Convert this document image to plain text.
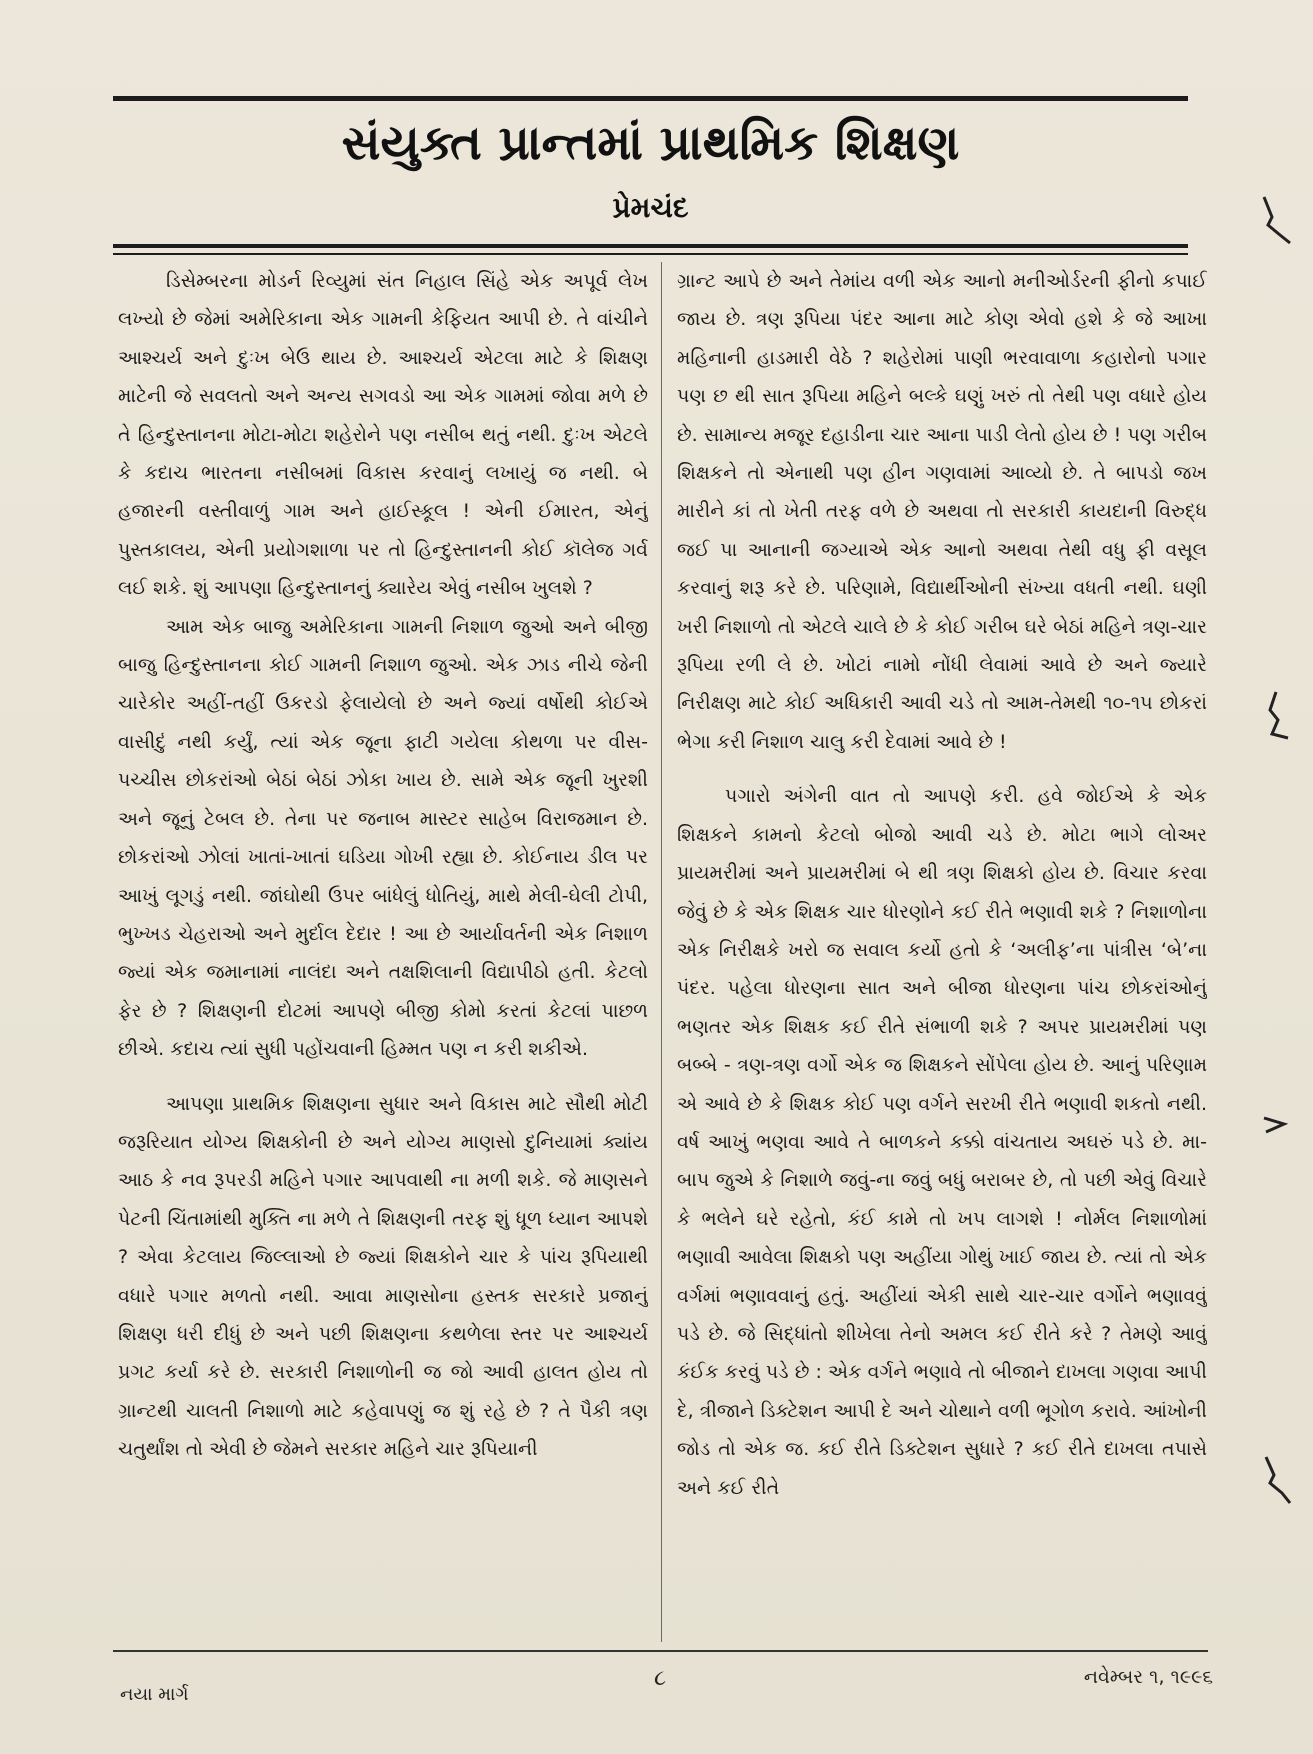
સંયુક્ત પ્રાન્તમાં પ્રાથમિક શિક્ષણ
પ્રેમચંદ

ડિસેમ્બરના મોડર્ન રિવ્યુમાં સંત નિહાલ સિંહે એક અપૂર્વ લેખ લખ્યો છે જેમાં અમેરિકાના એક ગામની કેફિયત આપી છે. તે વાંચીને આશ્ચર્ય અને દુઃખ બેઉ થાય છે. આશ્ચર્ય એટલા માટે કે શિક્ષણ માટેની જે સવલતો અને અન્ય સગવડો આ એક ગામમાં જોવા મળે છે તે હિન્દુસ્તાનના મોટા-મોટા શહેરોને પણ નસીબ થતું નથી. દુઃખ એટલે કે કદાચ ભારતના નસીબમાં વિકાસ કરવાનું લખાયું જ નથી. બે હજારની વસ્તીવાળું ગામ અને હાઈસ્કૂલ ! એની ઈમારત, એનું પુસ્તકાલય, એની પ્રયોગશાળા પર તો હિન્દુસ્તાનની કોઈ કૉલેજ ગર્વ લઈ શકે. શું આપણા હિન્દુસ્તાનનું ક્યારેય એવું નસીબ ખુલશે ?

આમ એક બાજુ અમેરિકાના ગામની નિશાળ જુઓ અને બીજી બાજુ હિન્દુસ્તાનના કોઈ ગામની નિશાળ જુઓ. એક ઝાડ નીચે જેની ચારેકોર અહીં-તહીં ઉકરડો ફેલાયેલો છે અને જ્યાં વર્ષોથી કોઈએ વાસીદું નથી કર્યું, ત્યાં એક જૂના ફાટી ગયેલા કોથળા પર વીસ-પચ્ચીસ છોકરાંઓ બેઠાં બેઠાં ઝોકા ખાય છે. સામે એક જૂની ખુરશી અને જૂનું ટેબલ છે. તેના પર જનાબ માસ્ટર સાહેબ વિરાજમાન છે. છોકરાંઓ ઝોલાં ખાતાં-ખાતાં ઘડિયા ગોખી રહ્યા છે. કોઈનાય ડીલ પર આખું લૂગડું નથી. જાંઘોથી ઉપર બાંધેલું ધોતિયું, માથે મેલી-ઘેલી ટોપી, ભુખ્ખડ ચેહરાઓ અને મુર્દાલ દેદાર ! આ છે આર્યાવર્તની એક નિશાળ જ્યાં એક જમાનામાં નાલંદા અને તક્ષશિલાની વિદ્યાપીઠો હતી. કેટલો ફેર છે ? શિક્ષણની દોટમાં આપણે બીજી કોમો કરતાં કેટલાં પાછળ છીએ. કદાચ ત્યાં સુધી પહોંચવાની હિમ્મત પણ ન કરી શકીએ.

આપણા પ્રાથમિક શિક્ષણના સુધાર અને વિકાસ માટે સૌથી મોટી જરૂરિયાત યોગ્ય શિક્ષકોની છે અને યોગ્ય માણસો દુનિયામાં ક્યાંય આઠ કે નવ રૂપરડી મહિને પગાર આપવાથી ના મળી શકે. જે માણસને પેટની ચિંતામાંથી મુક્તિ ના મળે તે શિક્ષણની તરફ શું ધૂળ ધ્યાન આપશે ? એવા કેટલાય જિલ્લાઓ છે જ્યાં શિક્ષકોને ચાર કે પાંચ રૂપિયાથી વધારે પગાર મળતો નથી. આવા માણસોના હસ્તક સરકારે પ્રજાનું શિક્ષણ ધરી દીધું છે અને પછી શિક્ષણના કથળેલા સ્તર પર આશ્ચર્ય પ્રગટ કર્યા કરે છે. સરકારી નિશાળોની જ જો આવી હાલત હોય તો ગ્રાન્ટથી ચાલતી નિશાળો માટે કહેવાપણું જ શું રહે છે ? તે પૈકી ત્રણ ચતુર્થાંશ તો એવી છે જેમને સરકાર મહિને ચાર રૂપિયાની

ગ્રાન્ટ આપે છે અને તેમાંય વળી એક આનો મનીઓર્ડરની ફીનો કપાઈ જાય છે. ત્રણ રૂપિયા પંદર આના માટે કોણ એવો હશે કે જે આખા મહિનાની હાડમારી વેઠે ? શહેરોમાં પાણી ભરવાવાળા કહારોનો પગાર પણ છ થી સાત રૂપિયા મહિને બલ્કે ઘણું ખરું તો તેથી પણ વધારે હોય છે. સામાન્ય મજૂર દહાડીના ચાર આના પાડી લેતો હોય છે ! પણ ગરીબ શિક્ષકને તો એનાથી પણ હીન ગણવામાં આવ્યો છે. તે બાપડો જખ મારીને કાં તો ખેતી તરફ વળે છે અથવા તો સરકારી કાયદાની વિરુદ્ધ જઈ પા આનાની જગ્યાએ એક આનો અથવા તેથી વધુ ફી વસૂલ કરવાનું શરૂ કરે છે. પરિણામે, વિદ્યાર્થીઓની સંખ્યા વધતી નથી. ઘણી ખરી નિશાળો તો એટલે ચાલે છે કે કોઈ ગરીબ ઘરે બેઠાં મહિને ત્રણ-ચાર રૂપિયા રળી લે છે. ખોટાં નામો નોંધી લેવામાં આવે છે અને જ્યારે નિરીક્ષણ માટે કોઈ અધિકારી આવી ચડે તો આમ-તેમથી ૧૦-૧૫ છોકરાં ભેગા કરી નિશાળ ચાલુ કરી દેવામાં આવે છે !

પગારો અંગેની વાત તો આપણે કરી. હવે જોઈએ કે એક શિક્ષકને કામનો કેટલો બોજો આવી ચડે છે. મોટા ભાગે લોઅર પ્રાયમરીમાં અને પ્રાયમરીમાં બે થી ત્રણ શિક્ષકો હોય છે. વિચાર કરવા જેવું છે કે એક શિક્ષક ચાર ધોરણોને કઈ રીતે ભણાવી શકે ? નિશાળોના એક નિરીક્ષકે ખરો જ સવાલ કર્યો હતો કે ‘અલીફ’ના પાંત્રીસ ‘બે’ના પંદર. પહેલા ધોરણના સાત અને બીજા ધોરણના પાંચ છોકરાંઓનું ભણતર એક શિક્ષક કઈ રીતે સંભાળી શકે ? અપર પ્રાયમરીમાં પણ બબ્બે - ત્રણ-ત્રણ વર્ગો એક જ શિક્ષકને સોંપેલા હોય છે. આનું પરિણામ એ આવે છે કે શિક્ષક કોઈ પણ વર્ગને સરખી રીતે ભણાવી શકતો નથી. વર્ષ આખું ભણવા આવે તે બાળકને કક્કો વાંચતાય અઘરું પડે છે. મા-બાપ જુએ કે નિશાળે જવું-ના જવું બધું બરાબર છે, તો પછી એવું વિચારે કે ભલેને ઘરે રહેતો, કંઈ કામે તો ખપ લાગશે ! નોર્મલ નિશાળોમાં ભણાવી આવેલા શિક્ષકો પણ અહીંયા ગોથું ખાઈ જાય છે. ત્યાં તો એક વર્ગમાં ભણાવવાનું હતું. અહીંયાં એકી સાથે ચાર-ચાર વર્ગોને ભણાવવું પડે છે. જે સિદ્ધાંતો શીખેલા તેનો અમલ કઈ રીતે કરે ? તેમણે આવું કંઈક કરવું પડે છે : એક વર્ગને ભણાવે તો બીજાને દાખલા ગણવા આપી દે, ત્રીજાને ડિક્ટેશન આપી દે અને ચોથાને વળી ભૂગોળ કરાવે. આંખોની જોડ તો એક જ. કઈ રીતે ડિક્ટેશન સુધારે ? કઈ રીતે દાખલા તપાસે અને કઈ રીતે

નયા માર્ગ
૮	નવેમ્બર ૧, ૧૯૯૬
